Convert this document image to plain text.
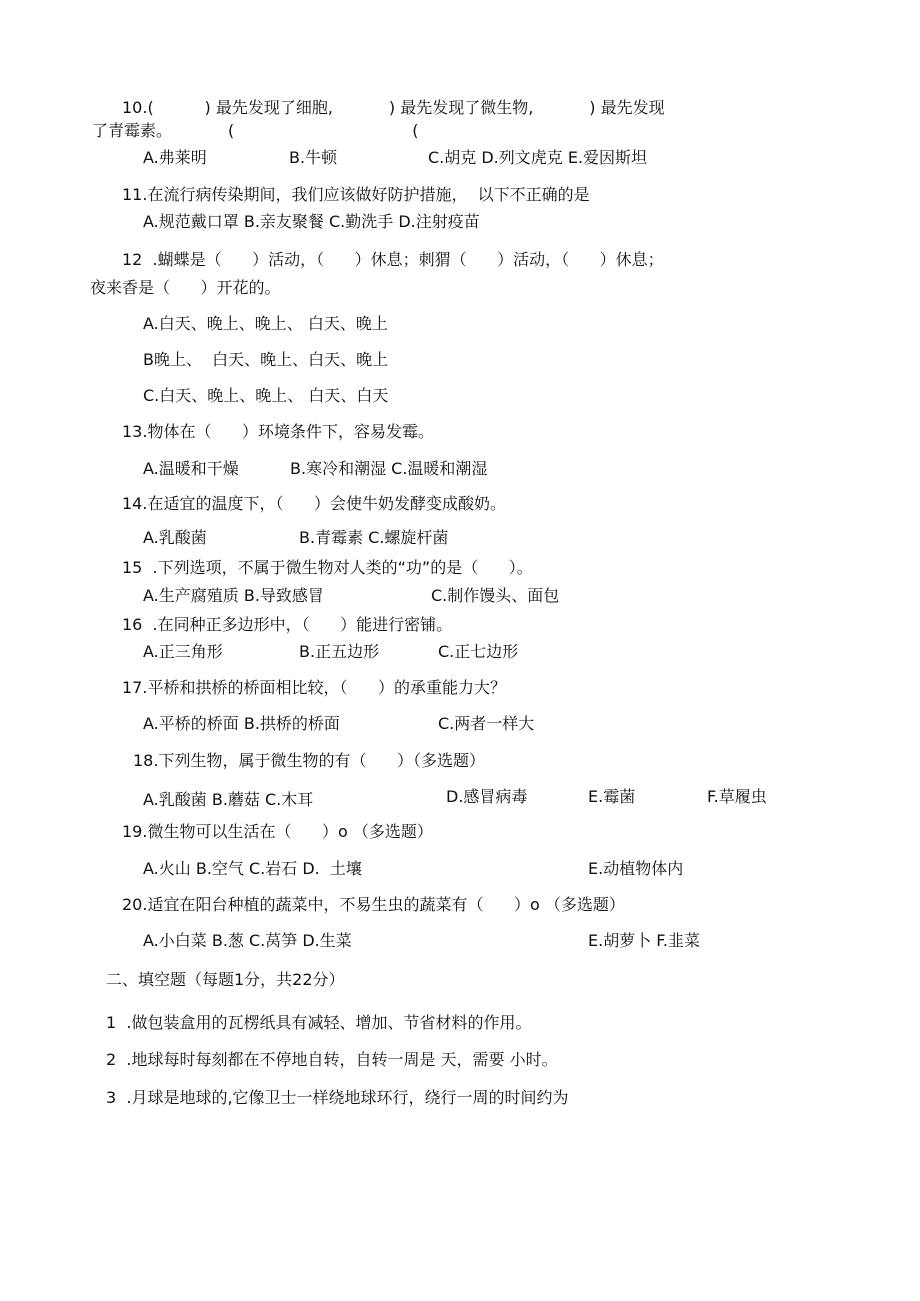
10.(          ) 最先发现了细胞,           ) 最先发现了微生物,           ) 最先发现
了青霉素。           (                                   (
A.弗莱明	B.牛顿	C.胡克 D.列文虎克 E.爱因斯坦
11.在流行病传染期间，我们应该做好防护措施，  以下不正确的是
A.规范戴口罩 B.亲友聚餐 C.勤洗手 D.注射疫苗
12  .蝴蝶是（      ）活动，（      ）休息；刺猬（      ）活动，（      ）休息；
夜来香是（      ）开花的。
A.白天、晚上、晚上、 白天、晚上
B晚上、  白天、晚上、白天、晚上
C.白天、晚上、晚上、 白天、白天
13.物体在（      ）环境条件下，容易发霉。
A.温暖和干燥	B.寒冷和潮湿 C.温暖和潮湿
14.在适宜的温度下，（      ）会使牛奶发酵变成酸奶。
A.乳酸菌	B.青霉素 C.螺旋杆菌
15  .下列选项，不属于微生物对人类的“功”的是（      ）。
A.生产腐殖质 B.导致感冒	C.制作馒头、面包
16  .在同种正多边形中，（      ）能进行密铺。
A.正三角形	B.正五边形	C.正七边形
17.平桥和拱桥的桥面相比较，（      ）的承重能力大？
A.平桥的桥面 B.拱桥的桥面	C.两者一样大
18.下列生物，属于微生物的有（      ）（多选题）
A.乳酸菌 B.蘑菇 C.木耳	D.感冒病毒	E.霉菌	F.草履虫
19.微生物可以生活在（      ）o （多选题）
A.火山 B.空气 C.岩石 D.  土壤	E.动植物体内
20.适宜在阳台种植的蔬菜中，不易生虫的蔬菜有（      ）o （多选题）
A.小白菜 B.葱 C.莴笋 D.生菜	E.胡萝卜 F.韭菜
二、填空题（每题1分，共22分）
1  .做包装盒用的瓦楞纸具有减轻、增加、节省材料的作用。
2  .地球每时每刻都在不停地自转，自转一周是 天，需要 小时。
3  .月球是地球的,它像卫士一样绕地球环行，绕行一周的时间约为
